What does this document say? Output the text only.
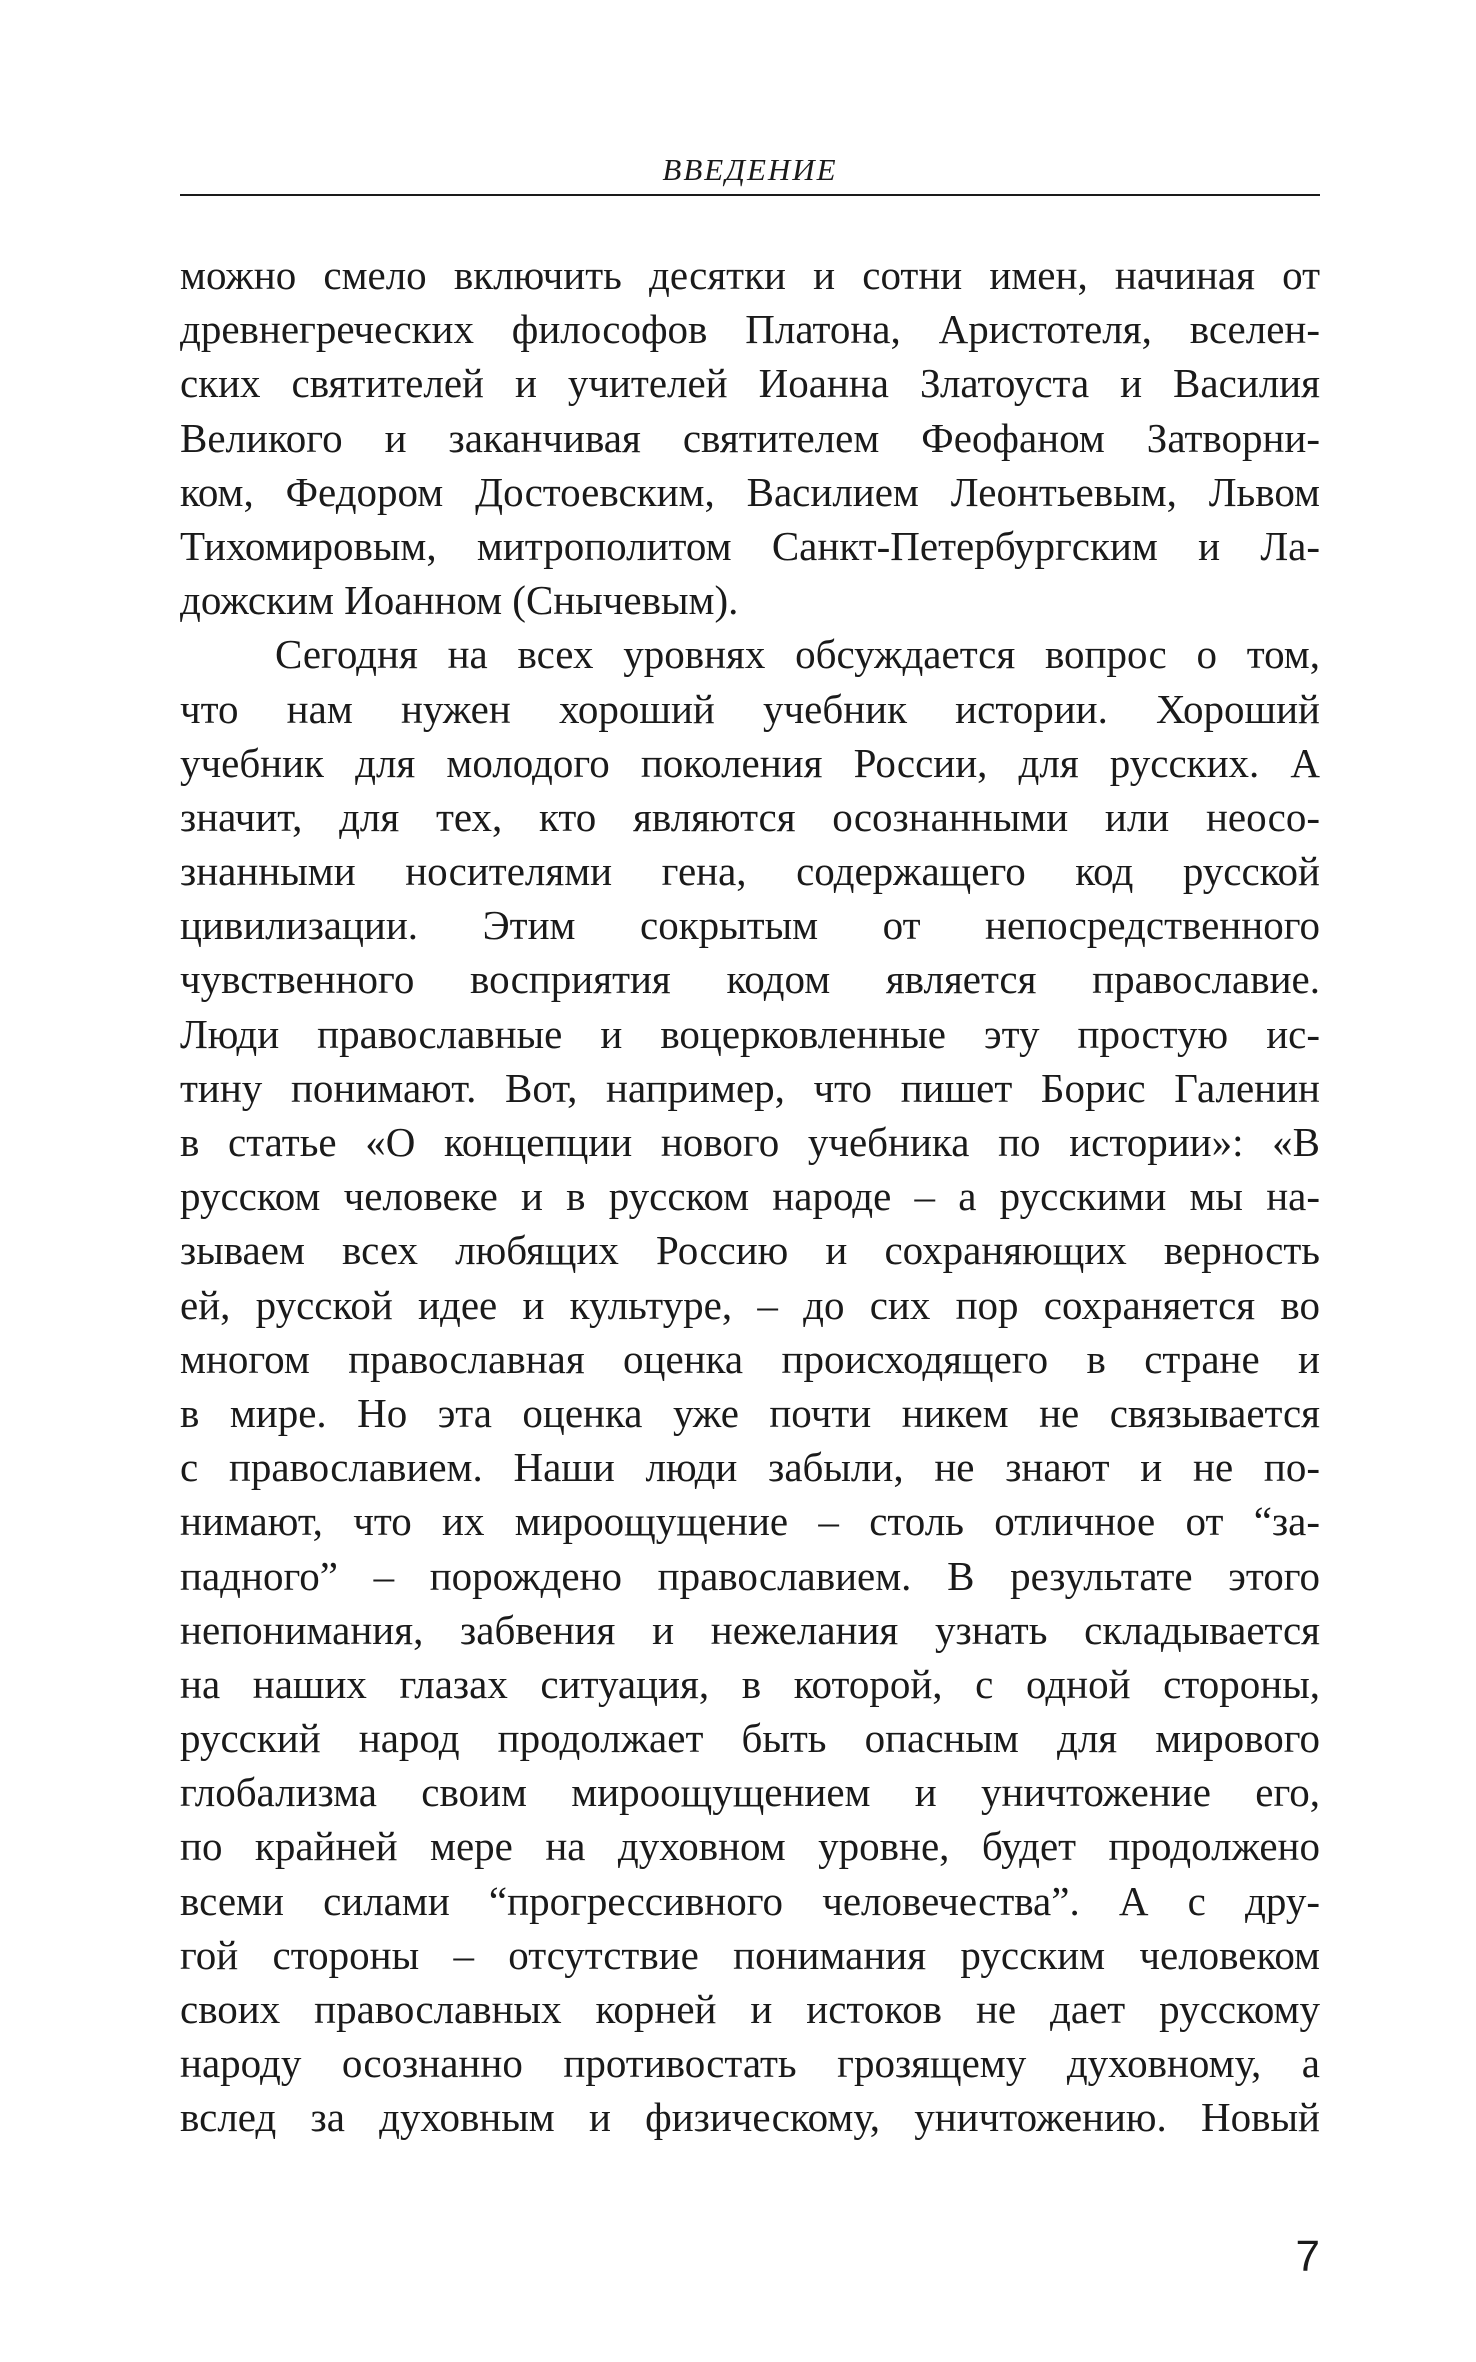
ВВЕДЕНИЕ
можно смело включить десятки и сотни имен, начиная от
древнегреческих философов Платона, Аристотеля, вселен-
ских святителей и учителей Иоанна Златоуста и Василия
Великого и заканчивая святителем Феофаном Затворни-
ком, Федором Достоевским, Василием Леонтьевым, Львом
Тихомировым, митрополитом Санкт-Петербургским и Ла-
дожским Иоанном (Снычевым).
Сегодня на всех уровнях обсуждается вопрос о том,
что нам нужен хороший учебник истории. Хороший
учебник для молодого поколения России, для русских. А
значит, для тех, кто являются осознанными или неосо-
знанными носителями гена, содержащего код русской
цивилизации. Этим сокрытым от непосредственного
чувственного восприятия кодом является православие.
Люди православные и воцерковленные эту простую ис-
тину понимают. Вот, например, что пишет Борис Галенин
в статье «О концепции нового учебника по истории»: «В
русском человеке и в русском народе – а русскими мы на-
зываем всех любящих Россию и сохраняющих верность
ей, русской идее и культуре, – до сих пор сохраняется во
многом православная оценка происходящего в стране и
в мире. Но эта оценка уже почти никем не связывается
с православием. Наши люди забыли, не знают и не по-
нимают, что их мироощущение – столь отличное от “за-
падного” – порождено православием. В результате этого
непонимания, забвения и нежелания узнать складывается
на наших глазах ситуация, в которой, с одной стороны,
русский народ продолжает быть опасным для мирового
глобализма своим мироощущением и уничтожение его,
по крайней мере на духовном уровне, будет продолжено
всеми силами “прогрессивного человечества”. А с дру-
гой стороны – отсутствие понимания русским человеком
своих православных корней и истоков не дает русскому
народу осознанно противостать грозящему духовному, а
вслед за духовным и физическому, уничтожению. Новый
7
